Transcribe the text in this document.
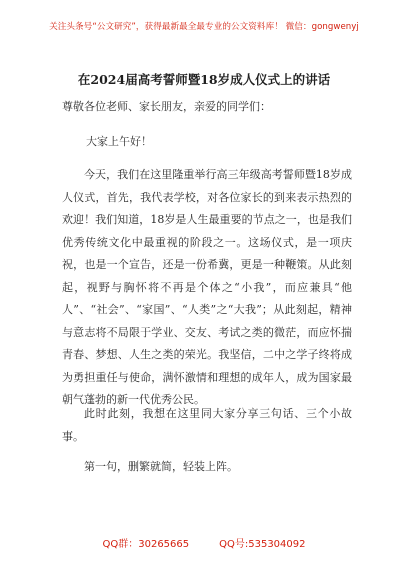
关注头条号“公文研究”，获得最新最全最专业的公文资料库！ 微信：gongwenyj
在2024届高考誓师暨18岁成人仪式上的讲话
尊敬各位老师、家长朋友，亲爱的同学们：
大家上午好！

今天，我们在这里隆重举行高三年级高考誓师暨18岁成人仪式，首先，我代表学校，对各位家长的到来表示热烈的欢迎！我们知道，18岁是人生最重要的节点之一，也是我们优秀传统文化中最重视的阶段之一。这场仪式，是一项庆祝，也是一个宣告，还是一份希冀，更是一种鞭策。从此刻起，视野与胸怀将不再是个体之“小我”，而应兼具“他人”、“社会”、“家国”、“人类”之“大我”；从此刻起，精神与意志将不局限于学业、交友、考试之类的微茫，而应怀揣青春、梦想、人生之类的荣光。我坚信，二中之学子终将成为勇担重任与使命，满怀激情和理想的成年人，成为国家最朝气蓬勃的新一代优秀公民。

此时此刻，我想在这里同大家分享三句话、三个小故事。

第一句，删繁就简，轻装上阵。

QQ群：30265665	QQ号:535304092
